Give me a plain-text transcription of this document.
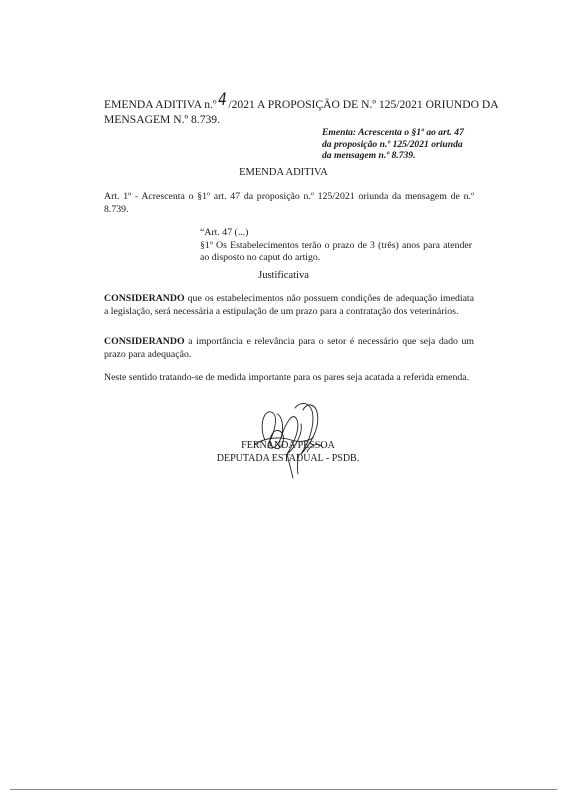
EMENDA ADITIVA n.º4 /2021 A PROPOSIÇÃO DE N.º 125/2021 ORIUNDO DA
MENSAGEM N.º 8.739.
Ementa: Acrescenta o §1º ao art. 47
da proposição n.º 125/2021 oriunda
da mensagem n.º 8.739.
EMENDA ADITIVA
Art. 1º - Acrescenta o §1º art. 47 da proposição n.º 125/2021 oriunda da mensagem de n.º 8.739.
“Art. 47 (...)
§1º Os Estabelecimentos terão o prazo de 3 (três) anos para atender ao disposto no caput do artigo.
Justificativa
CONSIDERANDO que os estabelecimentos não possuem condições de adequação imediata a legislação, será necessária a estipulação de um prazo para a contratação dos veterinários.
CONSIDERANDO a importância e relevância para o setor é necessário que seja dado um prazo para adequação.
Neste sentido tratando-se de medida importante para os pares seja acatada a referida emenda.
FERNANDA PESSOA
DEPUTADA ESTADUAL - PSDB.
